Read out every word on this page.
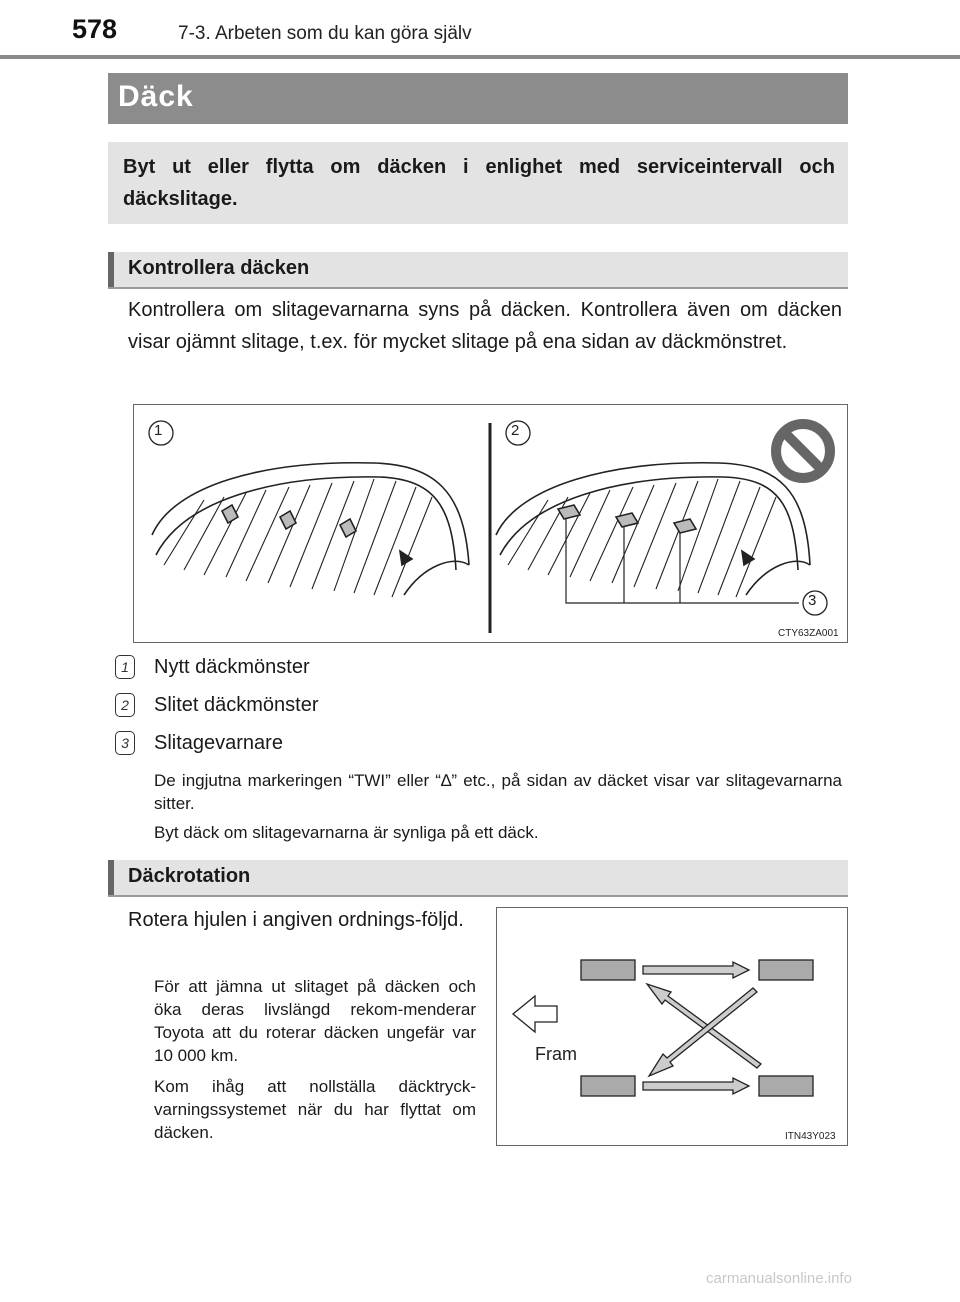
578	7-3. Arbeten som du kan göra själv
Däck
Byt ut eller flytta om däcken i enlighet med serviceintervall och däckslitage.
Kontrollera däcken
Kontrollera om slitagevarnarna syns på däcken. Kontrollera även om däcken visar ojämnt slitage, t.ex. för mycket slitage på ena sidan av däckmönstret.
1	2
3
CTY63ZA001
1	Nytt däckmönster
2	Slitet däckmönster
3	Slitagevarnare
De ingjutna markeringen “TWI” eller “∆” etc., på sidan av däcket visar var slitagevarnarna sitter.
Byt däck om slitagevarnarna är synliga på ett däck.
Däckrotation
Rotera hjulen i angiven ordnings-följd.
För att jämna ut slitaget på däcken och öka deras livslängd rekom-menderar Toyota att du roterar däcken ungefär var 10 000 km.
Kom ihåg att nollställa däcktryck-varningssystemet när du har flyttat om däcken.
Fram
ITN43Y023
carmanualsonline.info
